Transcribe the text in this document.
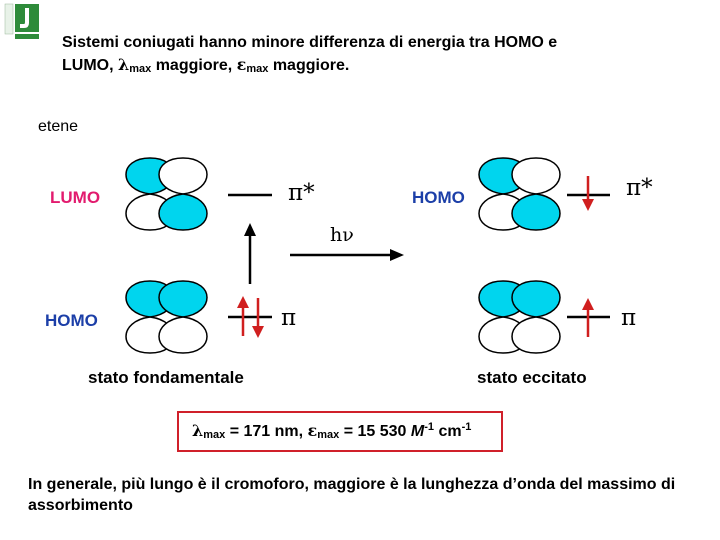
Sistemi coniugati hanno minore differenza di energia tra HOMO e
LUMO, $\lambda_{max}$ maggiore, $\varepsilon_{max}$ maggiore.
etene
LUMO
HOMO
HOMO
π*
π
π*
π
hν
stato fondamentale	stato eccitato
$\lambda_{max} = 171$ nm, $\varepsilon_{max} = 15$ 530 $M^{-1}$ $cm^{-1}$
In generale, più lungo è il cromoforo, maggiore è la lunghezza d’onda del massimo di assorbimento
